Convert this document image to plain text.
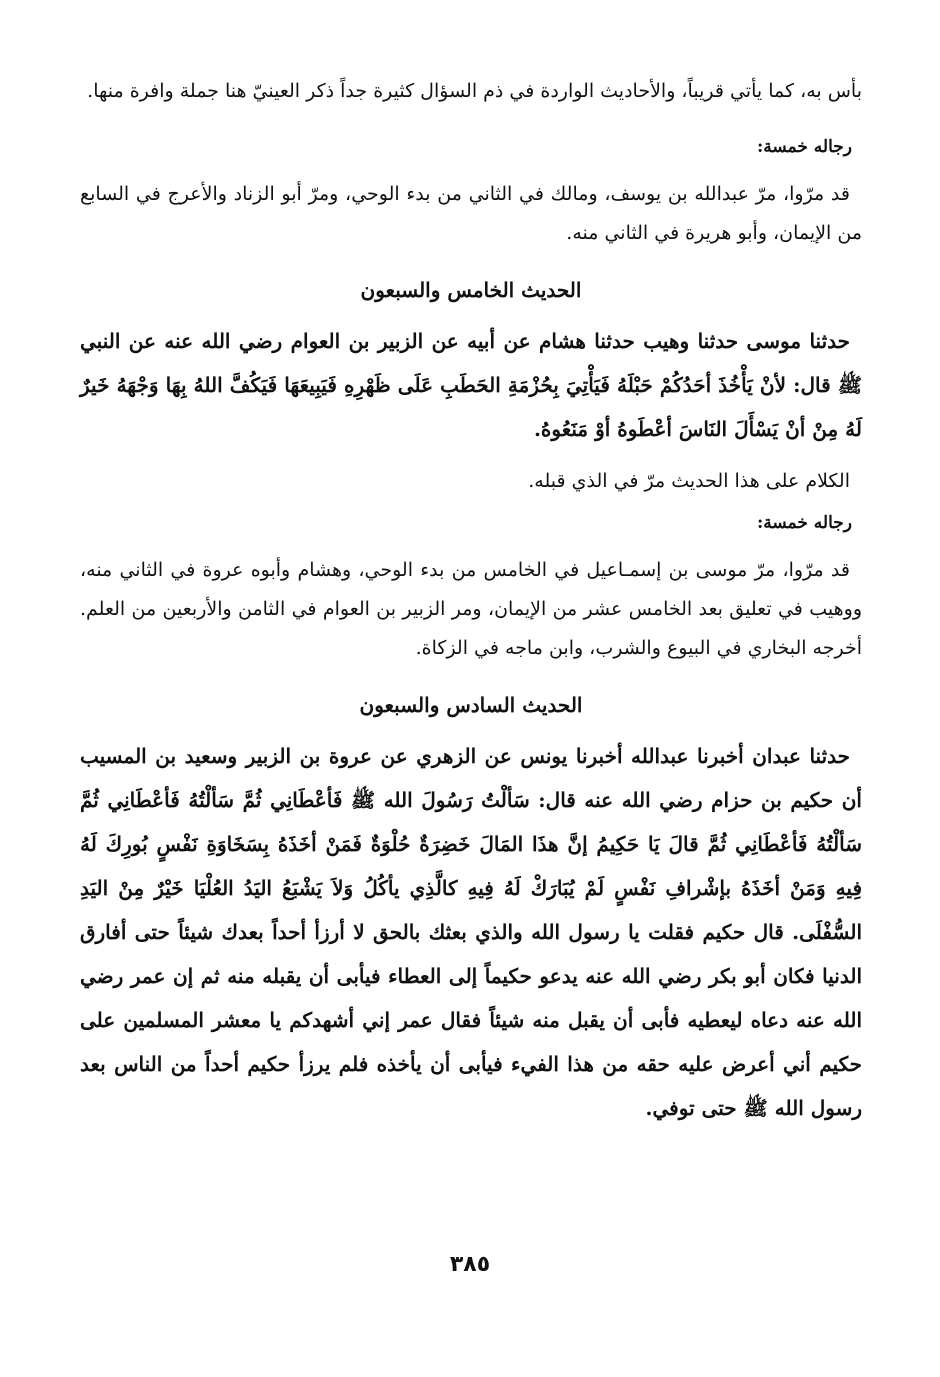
بأس به، كما يأتي قريباً، والأحاديث الواردة في ذم السؤال كثيرة جداً ذكر العينيّ هنا جملة وافرة منها.

رجاله خمسة:

قد مرّوا، مرّ عبدالله بن يوسف، ومالك في الثاني من بدء الوحي، ومرّ أبو الزناد والأعرج في السابع من الإيمان، وأبو هريرة في الثاني منه.

الحديث الخامس والسبعون

حدثنا موسى حدثنا وهيب حدثنا هشام عن أبيه عن الزبير بن العوام رضي الله عنه عن النبي ﷺ قال: لأنْ يَأْخُذَ أحَدُكُمْ حَبْلَهُ فَيَأْتِيَ بِحُزْمَةِ الحَطَبِ عَلَى ظَهْرِهِ فَيَبِيعَهَا فَيَكُفَّ اللهُ بِهَا وَجْهَهُ خَيرٌ لَهُ مِنْ أنْ يَسْأَلَ النَاسَ أعْطَوهُ أوْ مَنَعُوهُ.

الكلام على هذا الحديث مرّ في الذي قبله.

رجاله خمسة:

قد مرّوا، مرّ موسى بن إسمـاعيل في الخامس من بدء الوحي، وهشام وأبوه عروة في الثاني منه، ووهيب في تعليق بعد الخامس عشر من الإيمان، ومر الزبير بن العوام في الثامن والأربعين من العلم. أخرجه البخاري في البيوع والشرب، وابن ماجه في الزكاة.

الحديث السادس والسبعون

حدثنا عبدان أخبرنا عبدالله أخبرنا يونس عن الزهري عن عروة بن الزبير وسعيد بن المسيب أن حكيم بن حزام رضي الله عنه قال: سَألْتُ رَسُولَ الله ﷺ فَأعْطَانِي ثُمَّ سَألْتُهُ فَأعْطَانِي ثُمَّ سَألْتُهُ فَأعْطَانِي ثُمَّ قالَ يَا حَكِيمُ إنَّ هذَا المَالَ خَضِرَةٌ حُلْوَةٌ فَمَنْ أخَذَهُ بِسَخَاوَةِ نَفْسٍ بُورِكَ لَهُ فِيهِ وَمَنْ أخَذَهُ بإشْرافِ نَفْسٍ لَمْ يُبَارَكْ لَهُ فِيهِ كالَّذِي يأكُلُ وَلاَ يَشْبَعُ اليَدُ العُلْيَا خَيْرٌ مِنْ اليَدِ السُّفْلَى. قال حكيم فقلت يا رسول الله والذي بعثك بالحق لا أرزأ أحداً بعدك شيئاً حتى أفارق الدنيا فكان أبو بكر رضي الله عنه يدعو حكيماً إلى العطاء فيأبى أن يقبله منه ثم إن عمر رضي الله عنه دعاه ليعطيه فأبى أن يقبل منه شيئاً فقال عمر إني أشهدكم يا معشر المسلمين على حكيم أني أعرض عليه حقه من هذا الفيء فيأبى أن يأخذه فلم يرزأ حكيم أحداً من الناس بعد رسول الله ﷺ حتى توفي.

٣٨٥
